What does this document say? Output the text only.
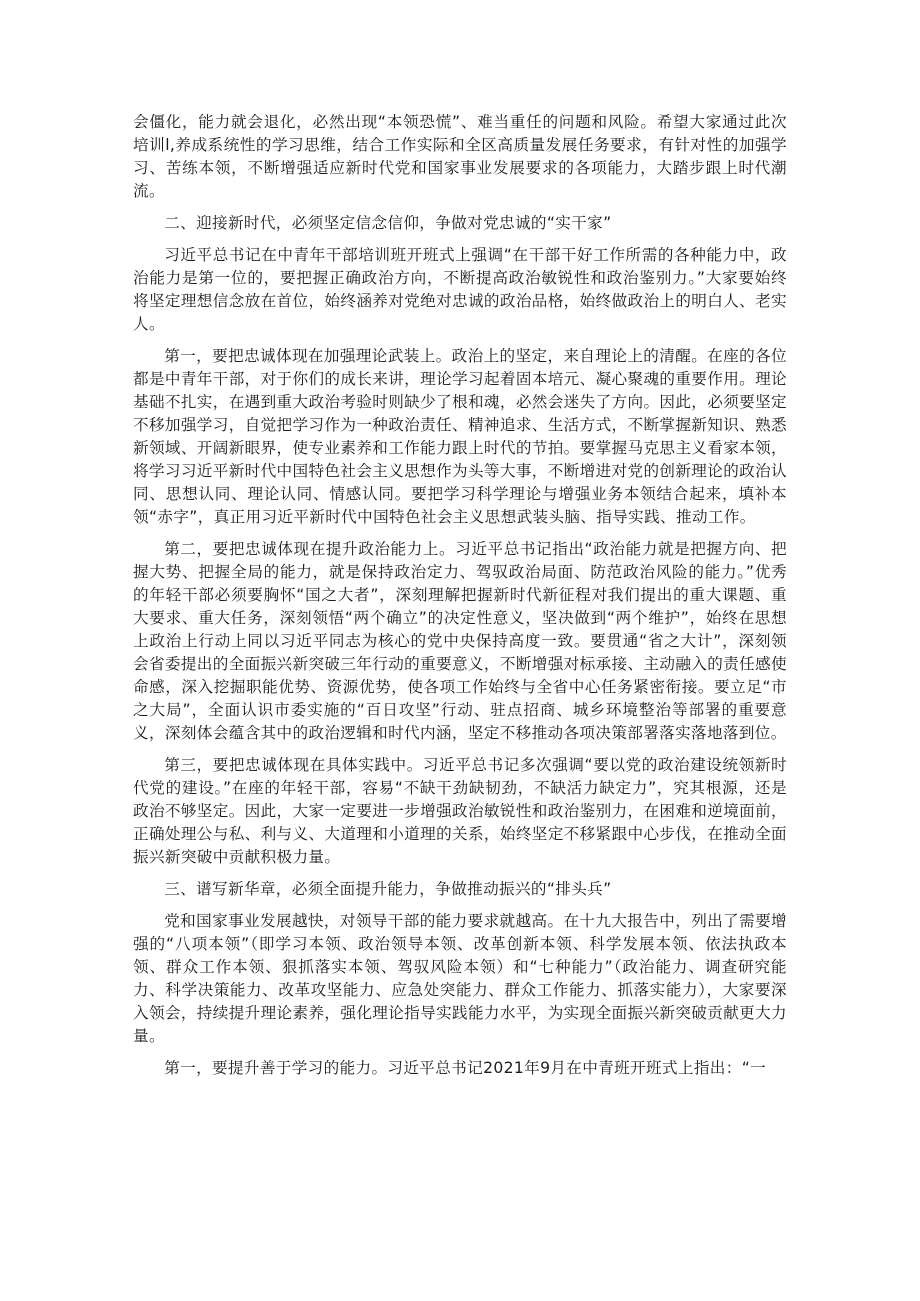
会僵化，能力就会退化，必然出现“本领恐慌”、难当重任的问题和风险。希望大家通过此次培训l,养成系统性的学习思维，结合工作实际和全区高质量发展任务要求，有针对性的加强学习、苦练本领，不断增强适应新时代党和国家事业发展要求的各项能力，大踏步跟上时代潮流。

二、迎接新时代，必须坚定信念信仰，争做对党忠诚的“实干家”

习近平总书记在中青年干部培训班开班式上强调“在干部干好工作所需的各种能力中，政治能力是第一位的，要把握正确政治方向，不断提高政治敏锐性和政治鉴别力。”大家要始终将坚定理想信念放在首位，始终涵养对党绝对忠诚的政治品格，始终做政治上的明白人、老实人。

第一，要把忠诚体现在加强理论武装上。政治上的坚定，来自理论上的清醒。在座的各位都是中青年干部，对于你们的成长来讲，理论学习起着固本培元、凝心聚魂的重要作用。理论基础不扎实，在遇到重大政治考验时则缺少了根和魂，必然会迷失了方向。因此，必须要坚定不移加强学习，自觉把学习作为一种政治责任、精神追求、生活方式，不断掌握新知识、熟悉新领域、开阔新眼界，使专业素养和工作能力跟上时代的节拍。要掌握马克思主义看家本领，将学习习近平新时代中国特色社会主义思想作为头等大事，不断增进对党的创新理论的政治认同、思想认同、理论认同、情感认同。要把学习科学理论与增强业务本领结合起来，填补本领“赤字”，真正用习近平新时代中国特色社会主义思想武装头脑、指导实践、推动工作。

第二，要把忠诚体现在提升政治能力上。习近平总书记指出“政治能力就是把握方向、把握大势、把握全局的能力，就是保持政治定力、驾驭政治局面、防范政治风险的能力。”优秀的年轻干部必须要胸怀“国之大者”，深刻理解把握新时代新征程对我们提出的重大课题、重大要求、重大任务，深刻领悟“两个确立”的决定性意义，坚决做到“两个维护”，始终在思想上政治上行动上同以习近平同志为核心的党中央保持高度一致。要贯通“省之大计”，深刻领会省委提出的全面振兴新突破三年行动的重要意义，不断增强对标承接、主动融入的责任感使命感，深入挖掘职能优势、资源优势，使各项工作始终与全省中心任务紧密衔接。要立足“市之大局”，全面认识市委实施的“百日攻坚”行动、驻点招商、城乡环境整治等部署的重要意义，深刻体会蕴含其中的政治逻辑和时代内涵，坚定不移推动各项决策部署落实落地落到位。

第三，要把忠诚体现在具体实践中。习近平总书记多次强调“要以党的政治建设统领新时代党的建设。”在座的年轻干部，容易“不缺干劲缺韧劲，不缺活力缺定力”，究其根源，还是政治不够坚定。因此，大家一定要进一步增强政治敏锐性和政治鉴别力，在困难和逆境面前，正确处理公与私、利与义、大道理和小道理的关系，始终坚定不移紧跟中心步伐，在推动全面振兴新突破中贡献积极力量。

三、谱写新华章，必须全面提升能力，争做推动振兴的“排头兵”

党和国家事业发展越快，对领导干部的能力要求就越高。在十九大报告中，列出了需要增强的“八项本领”（即学习本领、政治领导本领、改革创新本领、科学发展本领、依法执政本领、群众工作本领、狠抓落实本领、驾驭风险本领）和“七种能力”（政治能力、调查研究能力、科学决策能力、改革攻坚能力、应急处突能力、群众工作能力、抓落实能力），大家要深入领会，持续提升理论素养，强化理论指导实践能力水平，为实现全面振兴新突破贡献更大力量。

第一，要提升善于学习的能力。习近平总书记2021年9月在中青班开班式上指出：“一
